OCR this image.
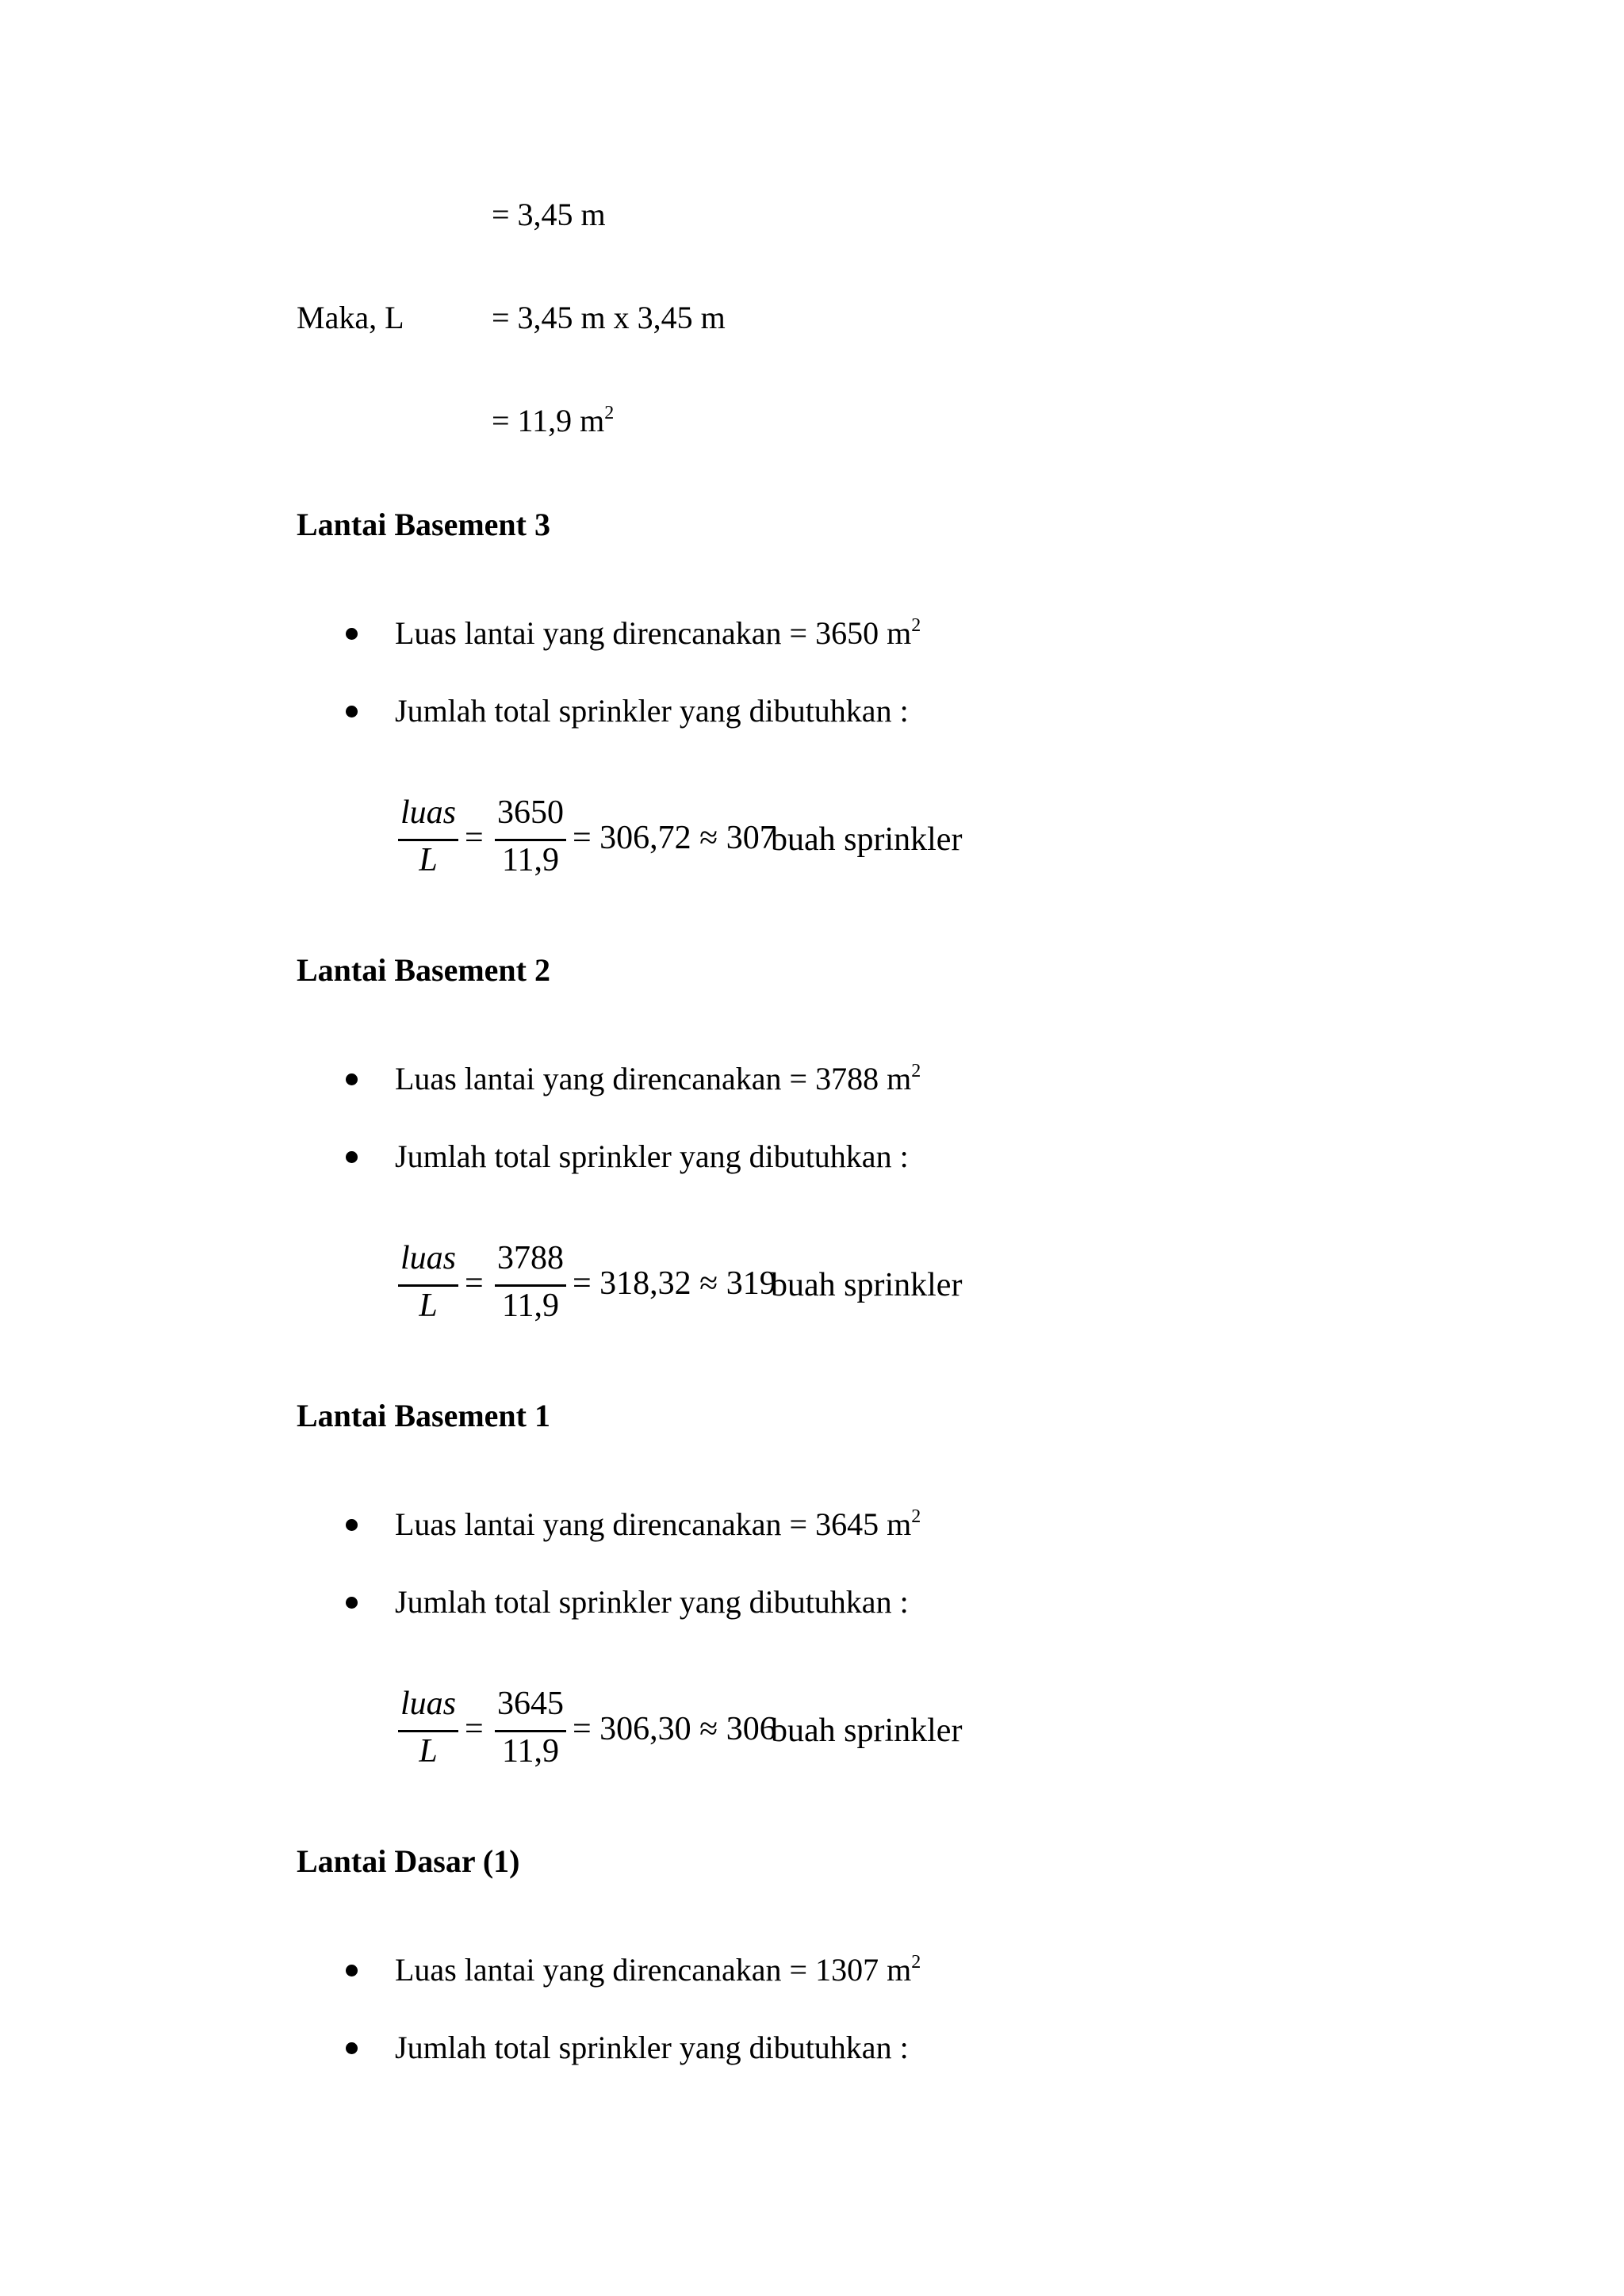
= 3,45 m
Maka, L	= 3,45 m x 3,45 m
= 11,9 $m^2$
Lantai Basement 3
Luas lantai yang direncanakan = 3650 $m^2$
Jumlah total sprinkler yang dibutuhkan :
luas
L
=
3650
11,9
= 306,72 ≈ 307
buah sprinkler
Lantai Basement 2
Luas lantai yang direncanakan = 3788 $m^2$
Jumlah total sprinkler yang dibutuhkan :
luas
L
=
3788
11,9
= 318,32 ≈ 319
buah sprinkler
Lantai Basement 1
Luas lantai yang direncanakan = 3645 $m^2$
Jumlah total sprinkler yang dibutuhkan :
luas
L
=
3645
11,9
= 306,30 ≈ 306
buah sprinkler
Lantai Dasar (1)
Luas lantai yang direncanakan = 1307 $m^2$
Jumlah total sprinkler yang dibutuhkan :
